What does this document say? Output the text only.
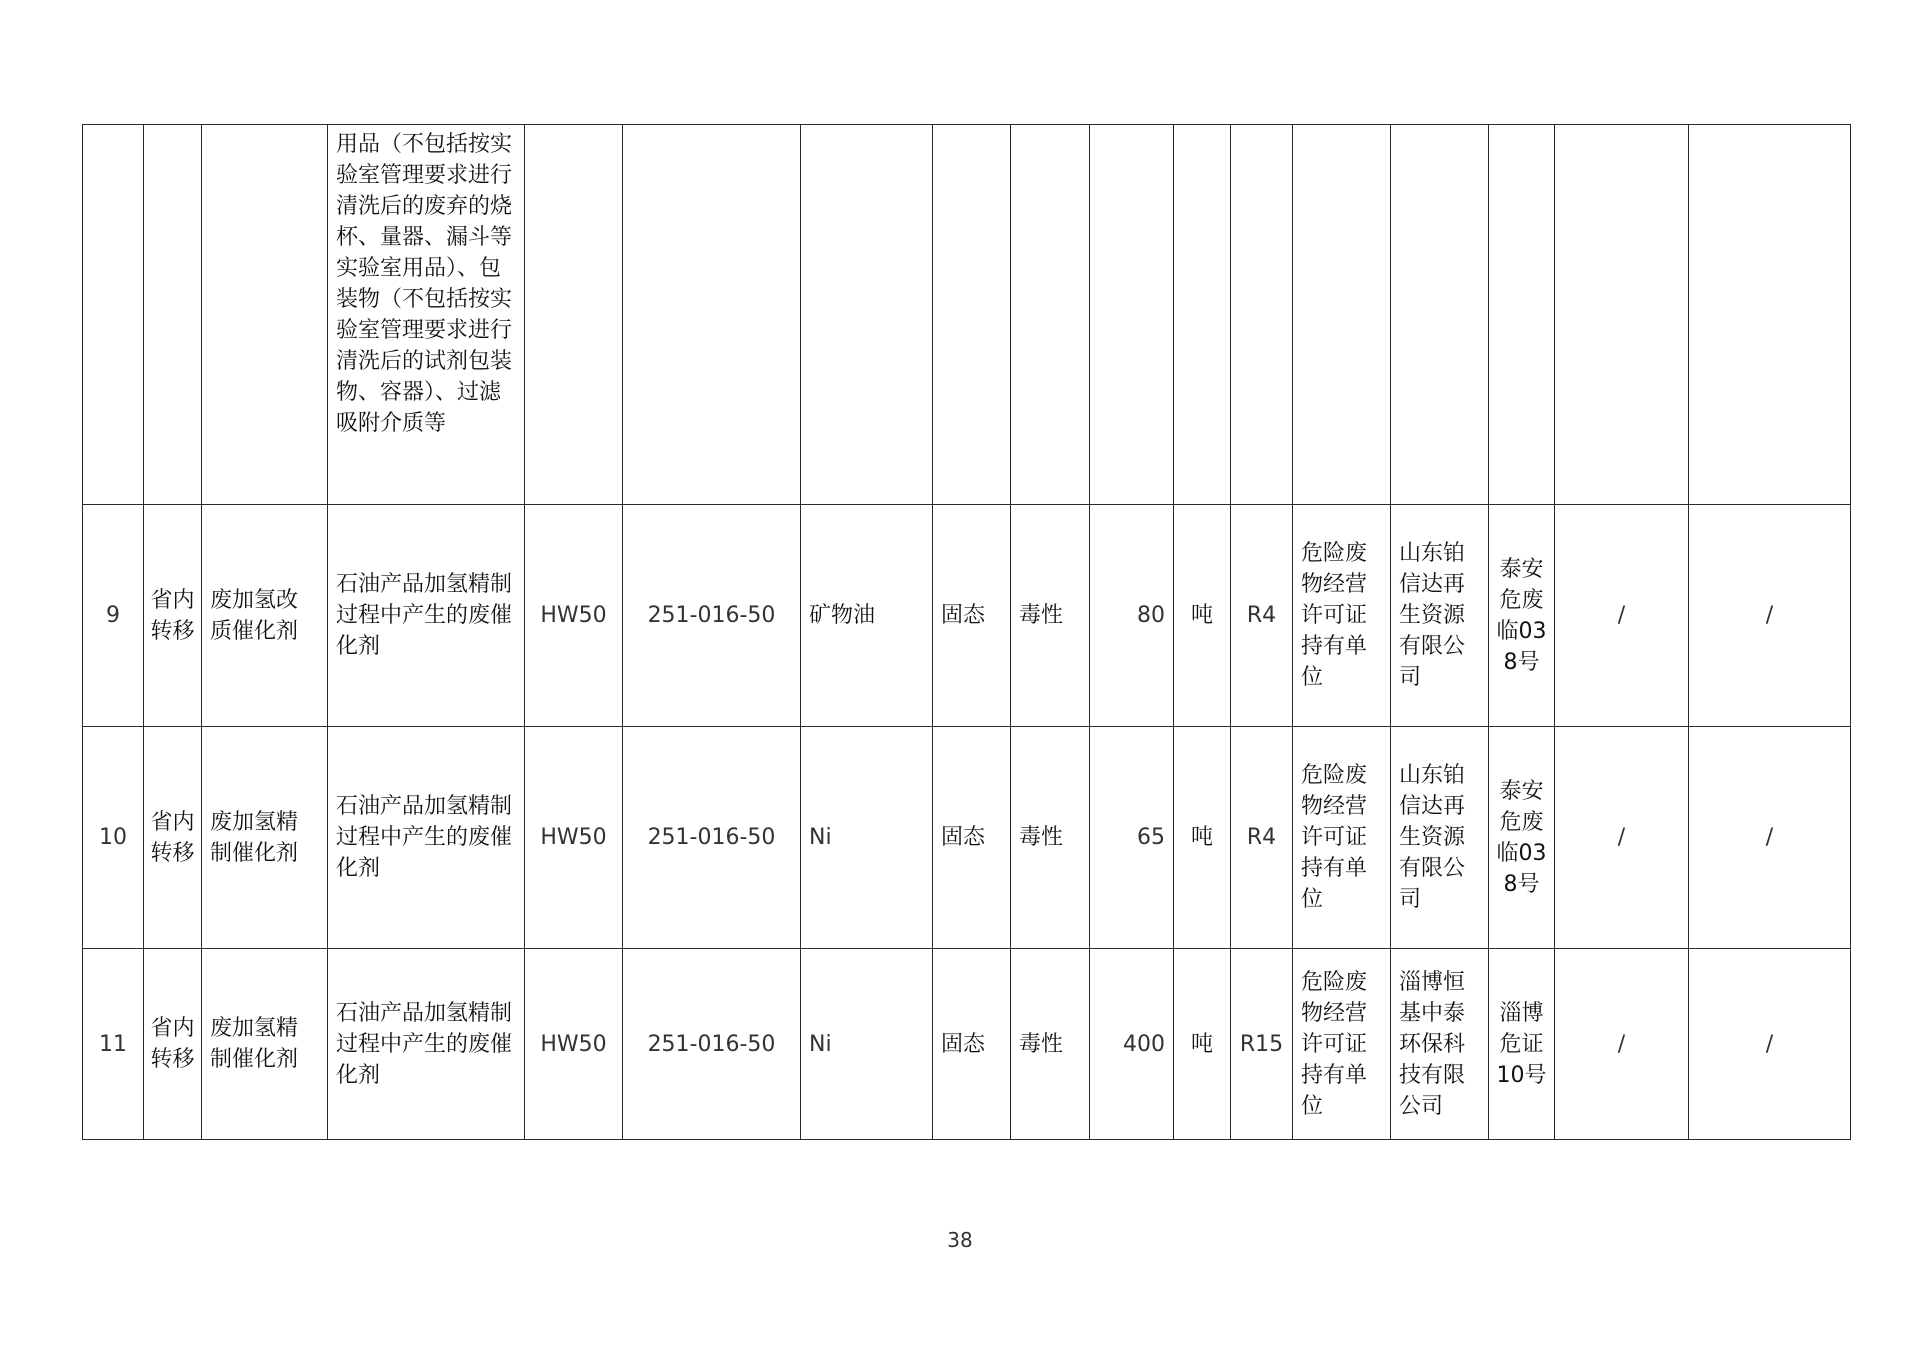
			用品（不包括按实验室管理要求进行清洗后的废弃的烧杯、量器、漏斗等实验室用品）、包装物（不包括按实验室管理要求进行清洗后的试剂包装物、容器）、过滤吸附介质等													
9	省内转移	废加氢改质催化剂	石油产品加氢精制过程中产生的废催化剂	HW50	251-016-50	矿物油	固态	毒性	80	吨	R4	危险废物经营许可证持有单位	山东铂信达再生资源有限公司	泰安危废临038号	/	/
10	省内转移	废加氢精制催化剂	石油产品加氢精制过程中产生的废催化剂	HW50	251-016-50	Ni	固态	毒性	65	吨	R4	危险废物经营许可证持有单位	山东铂信达再生资源有限公司	泰安危废临038号	/	/
11	省内转移	废加氢精制催化剂	石油产品加氢精制过程中产生的废催化剂	HW50	251-016-50	Ni	固态	毒性	400	吨	R15	危险废物经营许可证持有单位	淄博恒基中泰环保科技有限公司	淄博危证10号	/	/
38
